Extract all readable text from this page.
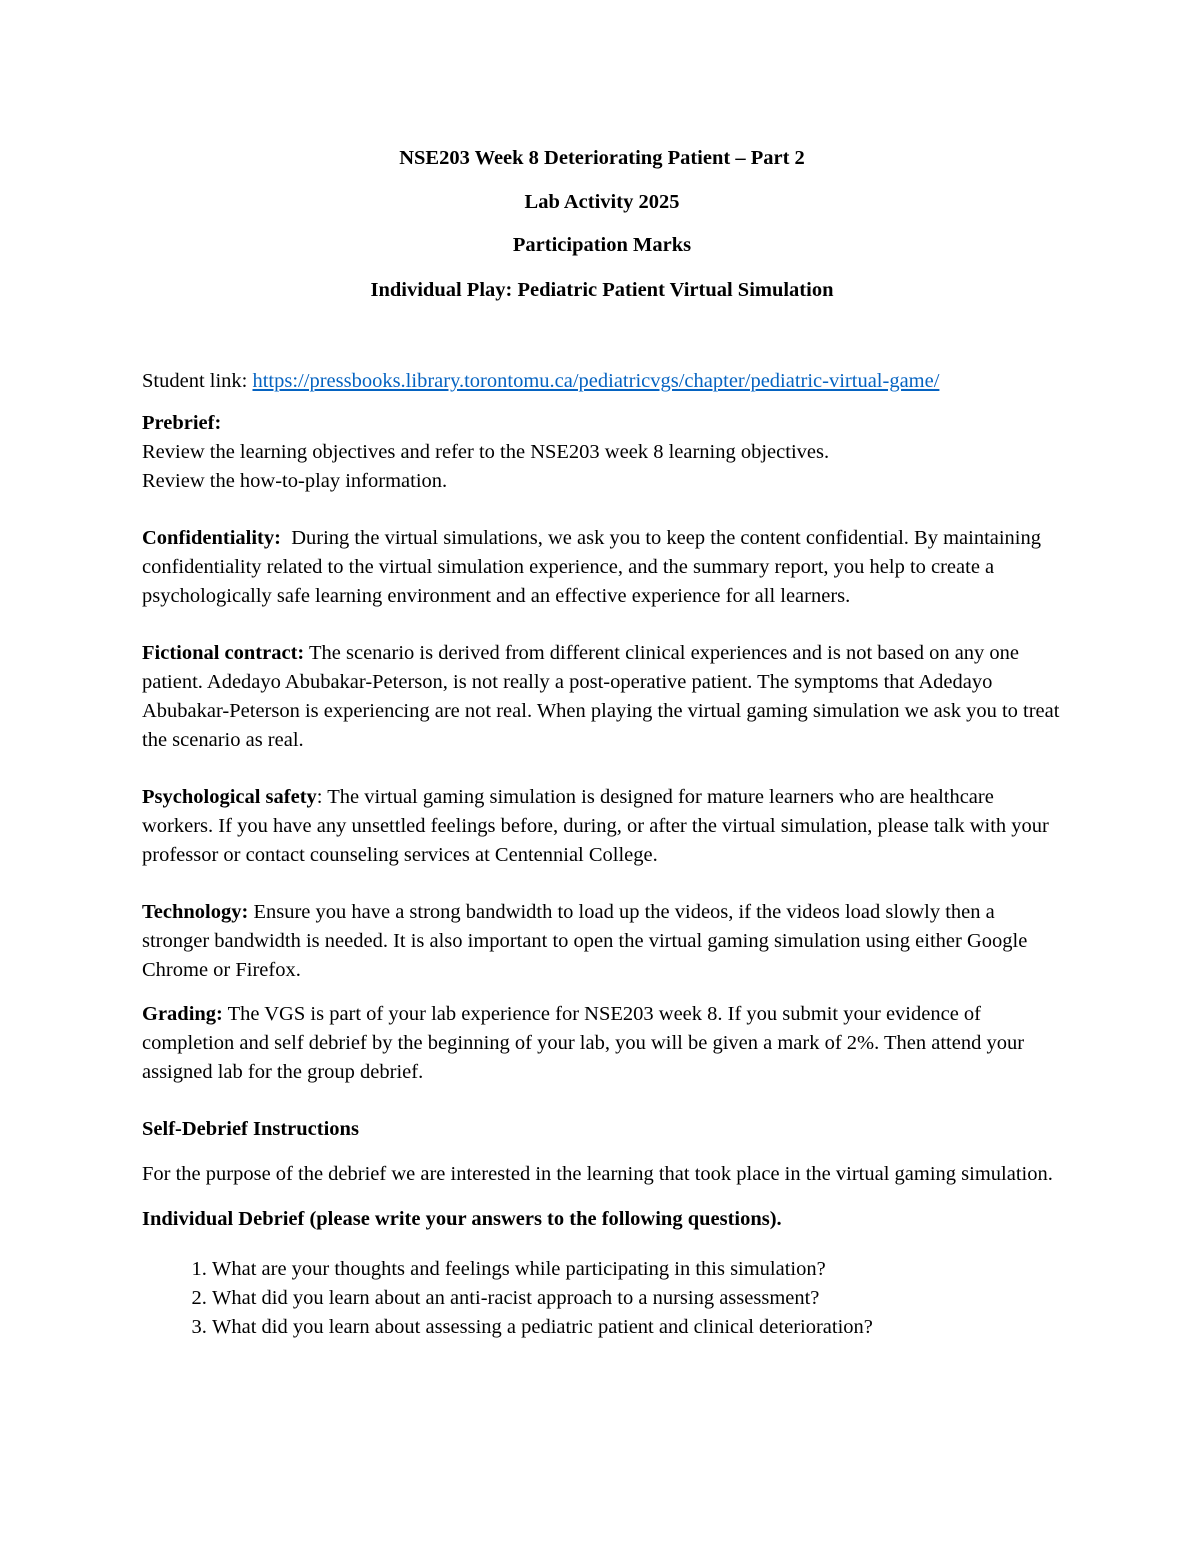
NSE203 Week 8 Deteriorating Patient – Part 2

Lab Activity 2025

Participation Marks

Individual Play: Pediatric Patient Virtual Simulation

Student link: https://pressbooks.library.torontomu.ca/pediatricvgs/chapter/pediatric-virtual-game/

Prebrief:
Review the learning objectives and refer to the NSE203 week 8 learning objectives.
Review the how-to-play information.

Confidentiality:  During the virtual simulations, we ask you to keep the content confidential. By maintaining confidentiality related to the virtual simulation experience, and the summary report, you help to create a psychologically safe learning environment and an effective experience for all learners.

Fictional contract: The scenario is derived from different clinical experiences and is not based on any one patient. Adedayo Abubakar-Peterson, is not really a post-operative patient. The symptoms that Adedayo Abubakar-Peterson is experiencing are not real. When playing the virtual gaming simulation we ask you to treat the scenario as real.

Psychological safety: The virtual gaming simulation is designed for mature learners who are healthcare workers. If you have any unsettled feelings before, during, or after the virtual simulation, please talk with your professor or contact counseling services at Centennial College.

Technology: Ensure you have a strong bandwidth to load up the videos, if the videos load slowly then a stronger bandwidth is needed. It is also important to open the virtual gaming simulation using either Google Chrome or Firefox.

Grading: The VGS is part of your lab experience for NSE203 week 8. If you submit your evidence of completion and self debrief by the beginning of your lab, you will be given a mark of 2%. Then attend your assigned lab for the group debrief.

Self-Debrief Instructions

For the purpose of the debrief we are interested in the learning that took place in the virtual gaming simulation.

Individual Debrief (please write your answers to the following questions).

1. What are your thoughts and feelings while participating in this simulation?
2. What did you learn about an anti-racist approach to a nursing assessment?
3. What did you learn about assessing a pediatric patient and clinical deterioration?
